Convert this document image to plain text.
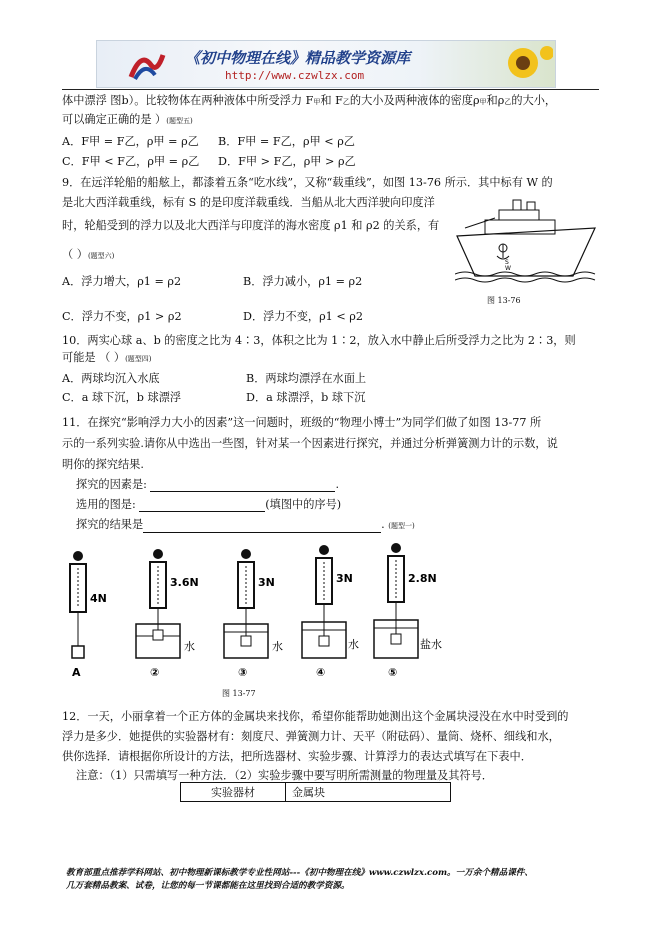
《初中物理在线》精品教学资源库
http://www.czwlzx.com
体中漂浮 图b）。比较物体在两种液体中所受浮力 F甲和 F乙的大小及两种液体的密度ρ甲和ρ乙的大小，
可以确定正确的是 ）(题型五)
A．F甲 = F乙，ρ甲 = ρ乙 B．F甲 = F乙，ρ甲 < ρ乙
C．F甲 < F乙，ρ甲 = ρ乙 D．F甲 > F乙，ρ甲 > ρ乙
9．在远洋轮船的船舷上，都漆着五条“吃水线”，又称“载重线”，如图 13-76 所示．其中标有 W 的
是北大西洋载重线，标有 S 的是印度洋载重线．当船从北大西洋驶向印度洋
时，轮船受到的浮力以及北大西洋与印度洋的海水密度 ρ1 和 ρ2 的关系，有
（ ）(题型六)
A．浮力增大，ρ1 = ρ2	B．浮力减小，ρ1 = ρ2
C．浮力不变，ρ1 > ρ2	D．浮力不变，ρ1 < ρ2
S
W
图 13-76
10．两实心球 a、b 的密度之比为 4∶3，体积之比为 1∶2，放入水中静止后所受浮力之比为 2∶3，则
可能是 （ ）(题型四)
A．两球均沉入水底	B．两球均漂浮在水面上
C．a 球下沉，b 球漂浮	D．a 球漂浮，b 球下沉
11．在探究“影响浮力大小的因素”这一问题时，班级的“物理小博士”为同学们做了如图 13-77 所
示的一系列实验.请你从中选出一些图，针对某一个因素进行探究，并通过分析弹簧测力计的示数，说
明你的探究结果.
探究的因素是:	.
选用的图是:	(填图中的序号)
探究的结果是	. (题型一)
4N
3.6N
水
3N
水
3N
水
2.8N
盐水
A	②	③	④	⑤
图 13-77
12．一天，小丽拿着一个正方体的金属块来找你，希望你能帮助她测出这个金属块浸没在水中时受到的
浮力是多少．她提供的实验器材有：刻度尺、弹簧测力计、天平（附砝码）、量筒、烧杯、细线和水，
供你选择．请根据你所设计的方法，把所选器材、实验步骤、计算浮力的表达式填写在下表中．
注意：（1）只需填写一种方法．（2）实验步骤中要写明所需测量的物理量及其符号．
实验器材	金属块
教育部重点推荐学科网站、初中物理新课标教学专业性网站---《初中物理在线》www.czwlzx.com。一万余个精品课件、
几万套精品教案、试卷，让您的每一节课都能在这里找到合适的教学资源。
